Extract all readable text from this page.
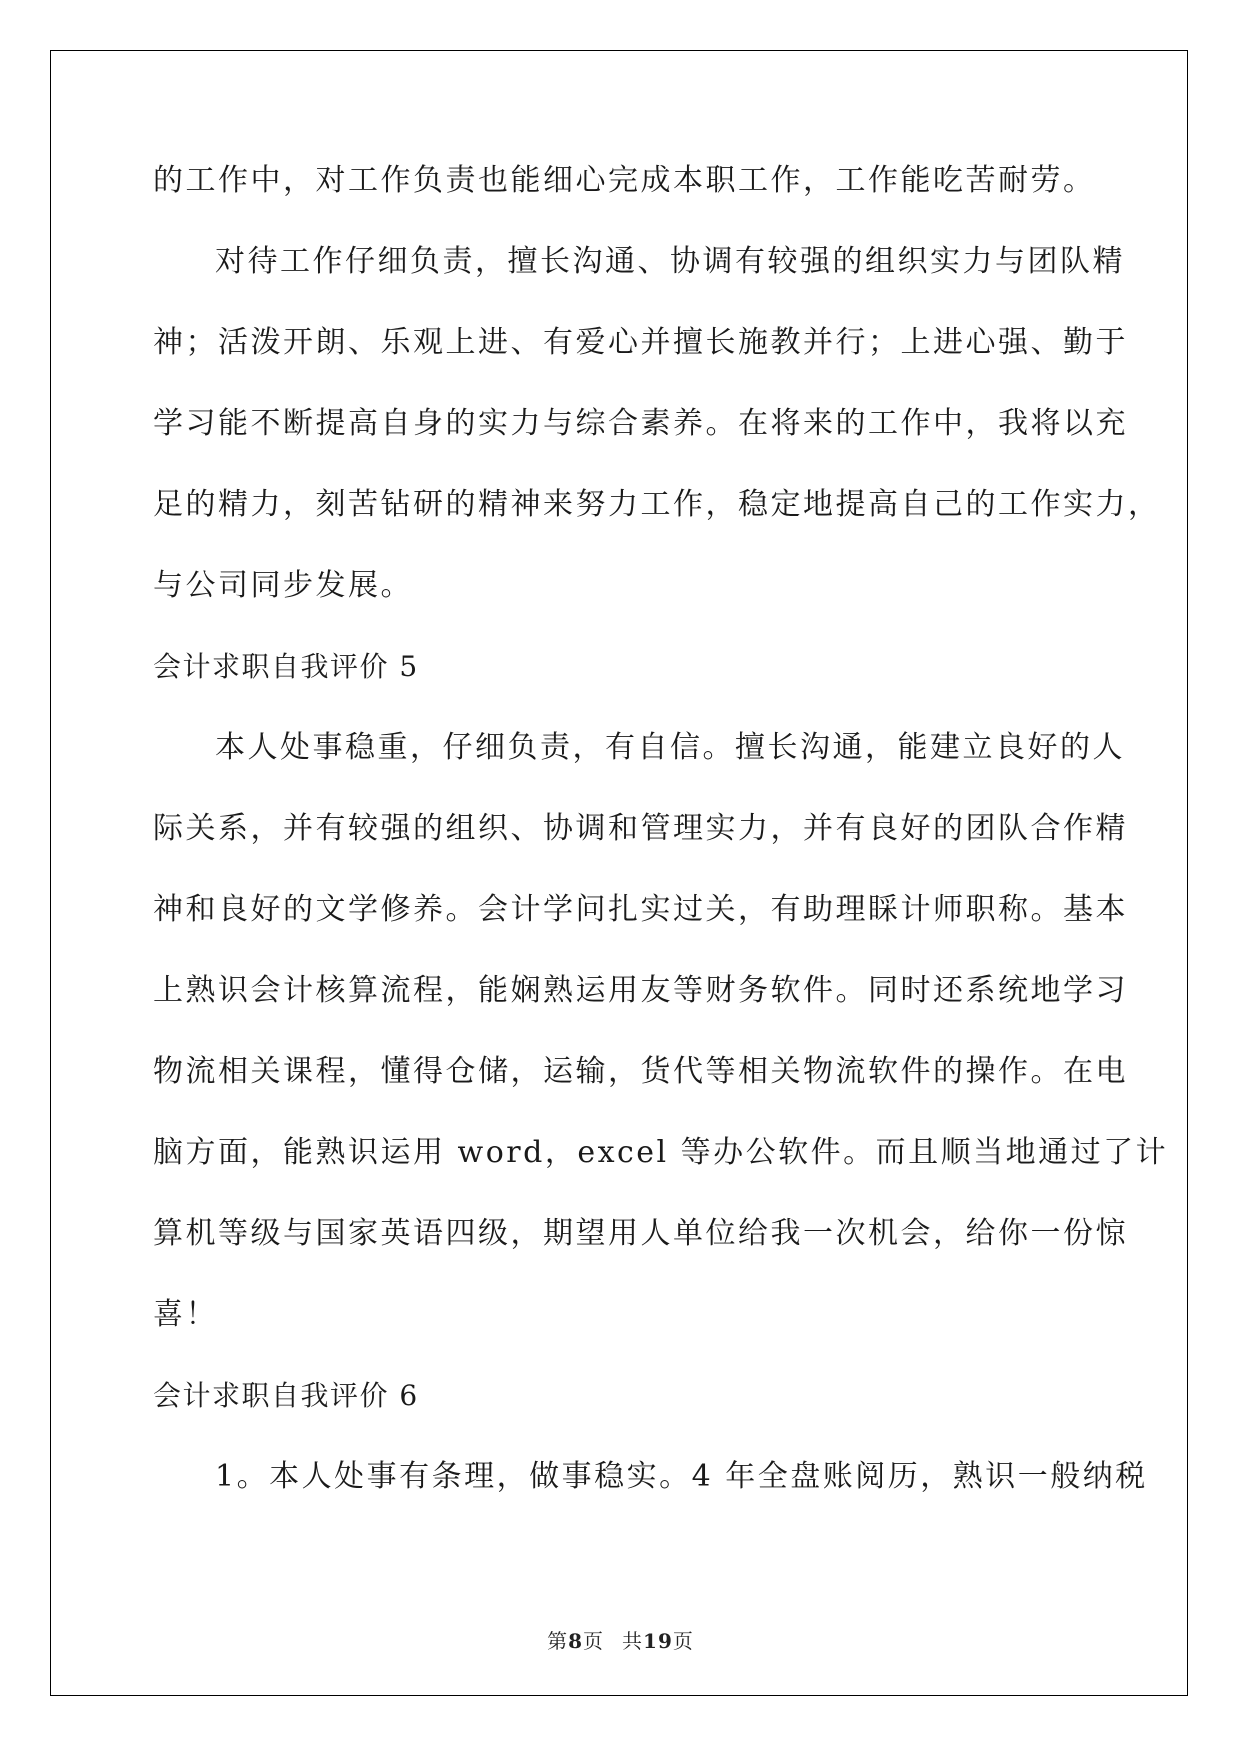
的工作中，对工作负责也能细心完成本职工作，工作能吃苦耐劳。
对待工作仔细负责，擅长沟通、协调有较强的组织实力与团队精
神；活泼开朗、乐观上进、有爱心并擅长施教并行；上进心强、勤于
学习能不断提高自身的实力与综合素养。在将来的工作中，我将以充
足的精力，刻苦钻研的精神来努力工作，稳定地提高自己的工作实力，
与公司同步发展。
会计求职自我评价 5
本人处事稳重，仔细负责，有自信。擅长沟通，能建立良好的人
际关系，并有较强的组织、协调和管理实力，并有良好的团队合作精
神和良好的文学修养。会计学问扎实过关，有助理睬计师职称。基本
上熟识会计核算流程，能娴熟运用友等财务软件。同时还系统地学习
物流相关课程，懂得仓储，运输，货代等相关物流软件的操作。在电
脑方面，能熟识运用 word，excel 等办公软件。而且顺当地通过了计
算机等级与国家英语四级，期望用人单位给我一次机会，给你一份惊
喜！
会计求职自我评价 6
1。本人处事有条理，做事稳实。4 年全盘账阅历，熟识一般纳税
第8页 共19页
